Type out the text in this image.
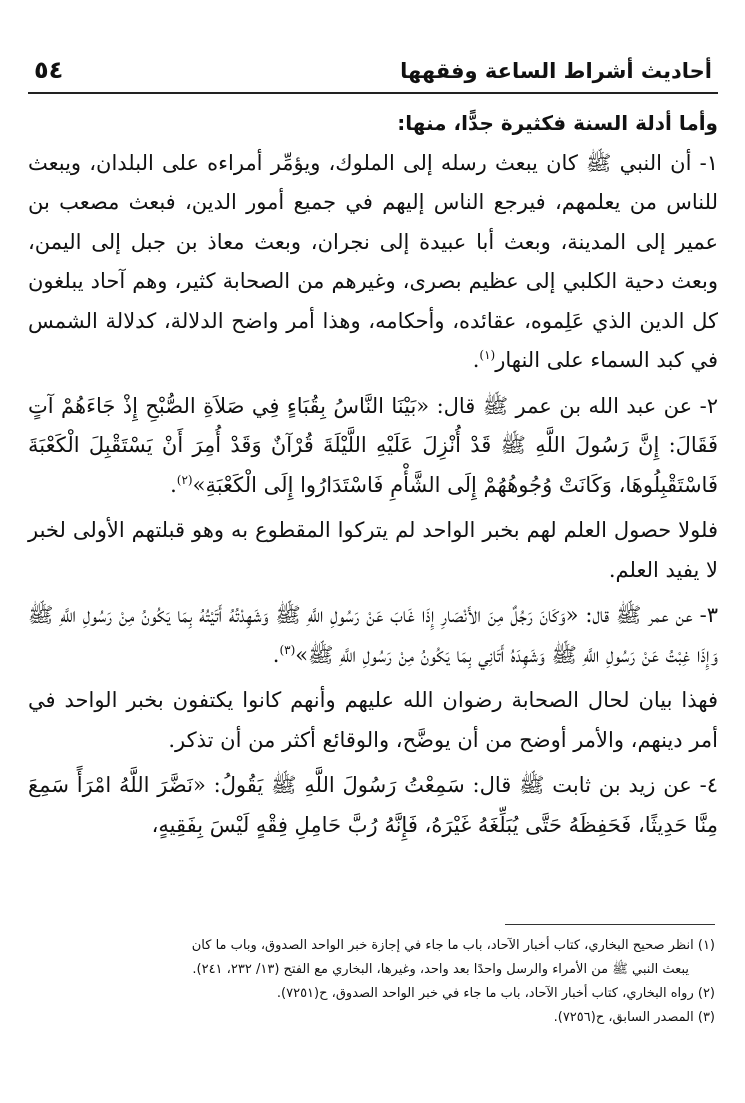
أحاديث أشراط الساعة وفقهها
٥٤

وأما أدلة السنة فكثيرة جدًّا، منها:

١- أن النبي ﷺ كان يبعث رسله إلى الملوك، ويؤمِّر أمراءه على البلدان، ويبعث للناس من يعلمهم، فيرجع الناس إليهم في جميع أمور الدين، فبعث مصعب بن عمير إلى المدينة، وبعث أبا عبيدة إلى نجران، وبعث معاذ بن جبل إلى اليمن، وبعث دحية الكلبي إلى عظيم بصرى، وغيرهم من الصحابة كثير، وهم آحاد يبلغون كل الدين الذي عَلِموه، عقائده، وأحكامه، وهذا أمر واضح الدلالة، كدلالة الشمس في كبد السماء على النهار$^{(١)}$.

٢- عن عبد الله بن عمر ﷺ قال: «بَيْنَا النَّاسُ بِقُبَاءٍ فِي صَلاَةِ الصُّبْحِ إِذْ جَاءَهُمْ آتٍ فَقَالَ: إِنَّ رَسُولَ اللَّهِ ﷺ قَدْ أُنْزِلَ عَلَيْهِ اللَّيْلَةَ قُرْآنٌ وَقَدْ أُمِرَ أَنْ يَسْتَقْبِلَ الْكَعْبَةَ فَاسْتَقْبِلُوهَا، وَكَانَتْ وُجُوهُهُمْ إِلَى الشَّأْمِ فَاسْتَدَارُوا إِلَى الْكَعْبَةِ»$^{(٢)}$.

فلولا حصول العلم لهم بخبر الواحد لم يتركوا المقطوع به وهو قبلتهم الأولى لخبر لا يفيد العلم.

٣- عن عمر ﷺ قال: «وَكَانَ رَجُلٌ مِنَ الأَنْصَارِ إِذَا غَابَ عَنْ رَسُولِ اللَّهِ ﷺ وَشَهِدْتُهُ أَتَيْتُهُ بِمَا يَكُونُ مِنْ رَسُولِ اللَّهِ ﷺ وَإِذَا غِبْتُ عَنْ رَسُولِ اللَّهِ ﷺ وَشَهِدَهُ أَتَانِي بِمَا يَكُونُ مِنْ رَسُولِ اللَّهِ ﷺ»$^{(٣)}$.

فهذا بيان لحال الصحابة رضوان الله عليهم وأنهم كانوا يكتفون بخبر الواحد في أمر دينهم، والأمر أوضح من أن يوضَّح، والوقائع أكثر من أن تذكر.

٤- عن زيد بن ثابت ﷺ قال: سَمِعْتُ رَسُولَ اللَّهِ ﷺ يَقُولُ: «نَضَّرَ اللَّهُ امْرَأً سَمِعَ مِنَّا حَدِيثًا، فَحَفِظَهُ حَتَّى يُبَلِّغَهُ غَيْرَهُ، فَإِنَّهُ رُبَّ حَامِلِ فِقْهٍ لَيْسَ بِفَقِيهٍ،

(١) انظر صحيح البخاري، كتاب أخبار الآحاد، باب ما جاء في إجازة خبر الواحد الصدوق، وباب ما كان
يبعث النبي ﷺ من الأمراء والرسل واحدًا بعد واحد، وغيرها، البخاري مع الفتح (١٣/ ٢٣٢، ٢٤١).
(٢) رواه البخاري، كتاب أخبار الآحاد، باب ما جاء في خبر الواحد الصدوق، ح(٧٢٥١).
(٣) المصدر السابق، ح(٧٢٥٦).
